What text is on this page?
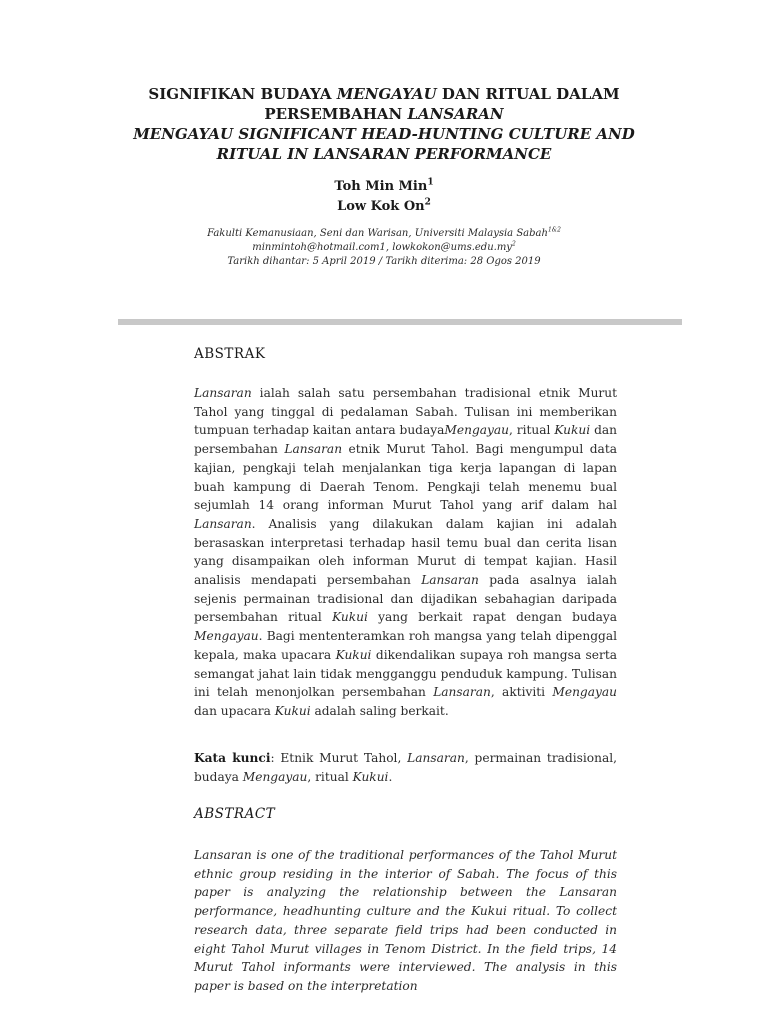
SIGNIFIKAN BUDAYA MENGAYAU DAN RITUAL DALAM
PERSEMBAHAN LANSARAN
MENGAYAU SIGNIFICANT HEAD-HUNTING CULTURE AND
RITUAL IN LANSARAN PERFORMANCE
Toh Min Min$^1$
Low Kok On$^2$
Fakulti Kemanusiaan, Seni dan Warisan, Universiti Malaysia Sabah$^{1\&2}$
minmintoh@hotmail.com1, $lowkokon@ums.edu.my^2$
Tarikh dihantar: 5 April 2019 / Tarikh diterima: 28 Ogos 2019
ABSTRAK
Lansaran ialah salah satu persembahan tradisional etnik Murut Tahol yang tinggal di pedalaman Sabah. Tulisan ini memberikan tumpuan terhadap kaitan antara budayaMengayau, ritual Kukui dan persembahan Lansaran etnik Murut Tahol. Bagi mengumpul data kajian, pengkaji telah menjalankan tiga kerja lapangan di lapan buah kampung di Daerah Tenom. Pengkaji telah menemu bual sejumlah 14 orang informan Murut Tahol yang arif dalam hal Lansaran. Analisis yang dilakukan dalam kajian ini adalah berasaskan interpretasi terhadap hasil temu bual dan cerita lisan yang disampaikan oleh informan Murut di tempat kajian. Hasil analisis mendapati persembahan Lansaran pada asalnya ialah sejenis permainan tradisional dan dijadikan sebahagian daripada persembahan ritual Kukui yang berkait rapat dengan budaya Mengayau. Bagi mententeramkan roh mangsa yang telah dipenggal kepala, maka upacara Kukui dikendalikan supaya roh mangsa serta semangat jahat lain tidak mengganggu penduduk kampung. Tulisan ini telah menonjolkan persembahan Lansaran, aktiviti Mengayau dan upacara Kukui adalah saling berkait.
Kata kunci: Etnik Murut Tahol, Lansaran, permainan tradisional, budaya Mengayau, ritual Kukui.
ABSTRACT
Lansaran is one of the traditional performances of the Tahol Murut ethnic group residing in the interior of Sabah. The focus of this paper is analyzing the relationship between the Lansaran performance, headhunting culture and the Kukui ritual. To collect research data, three separate field trips had been conducted in eight Tahol Murut villages in Tenom District. In the field trips, 14 Murut Tahol informants were interviewed. The analysis in this paper is based on the interpretation
